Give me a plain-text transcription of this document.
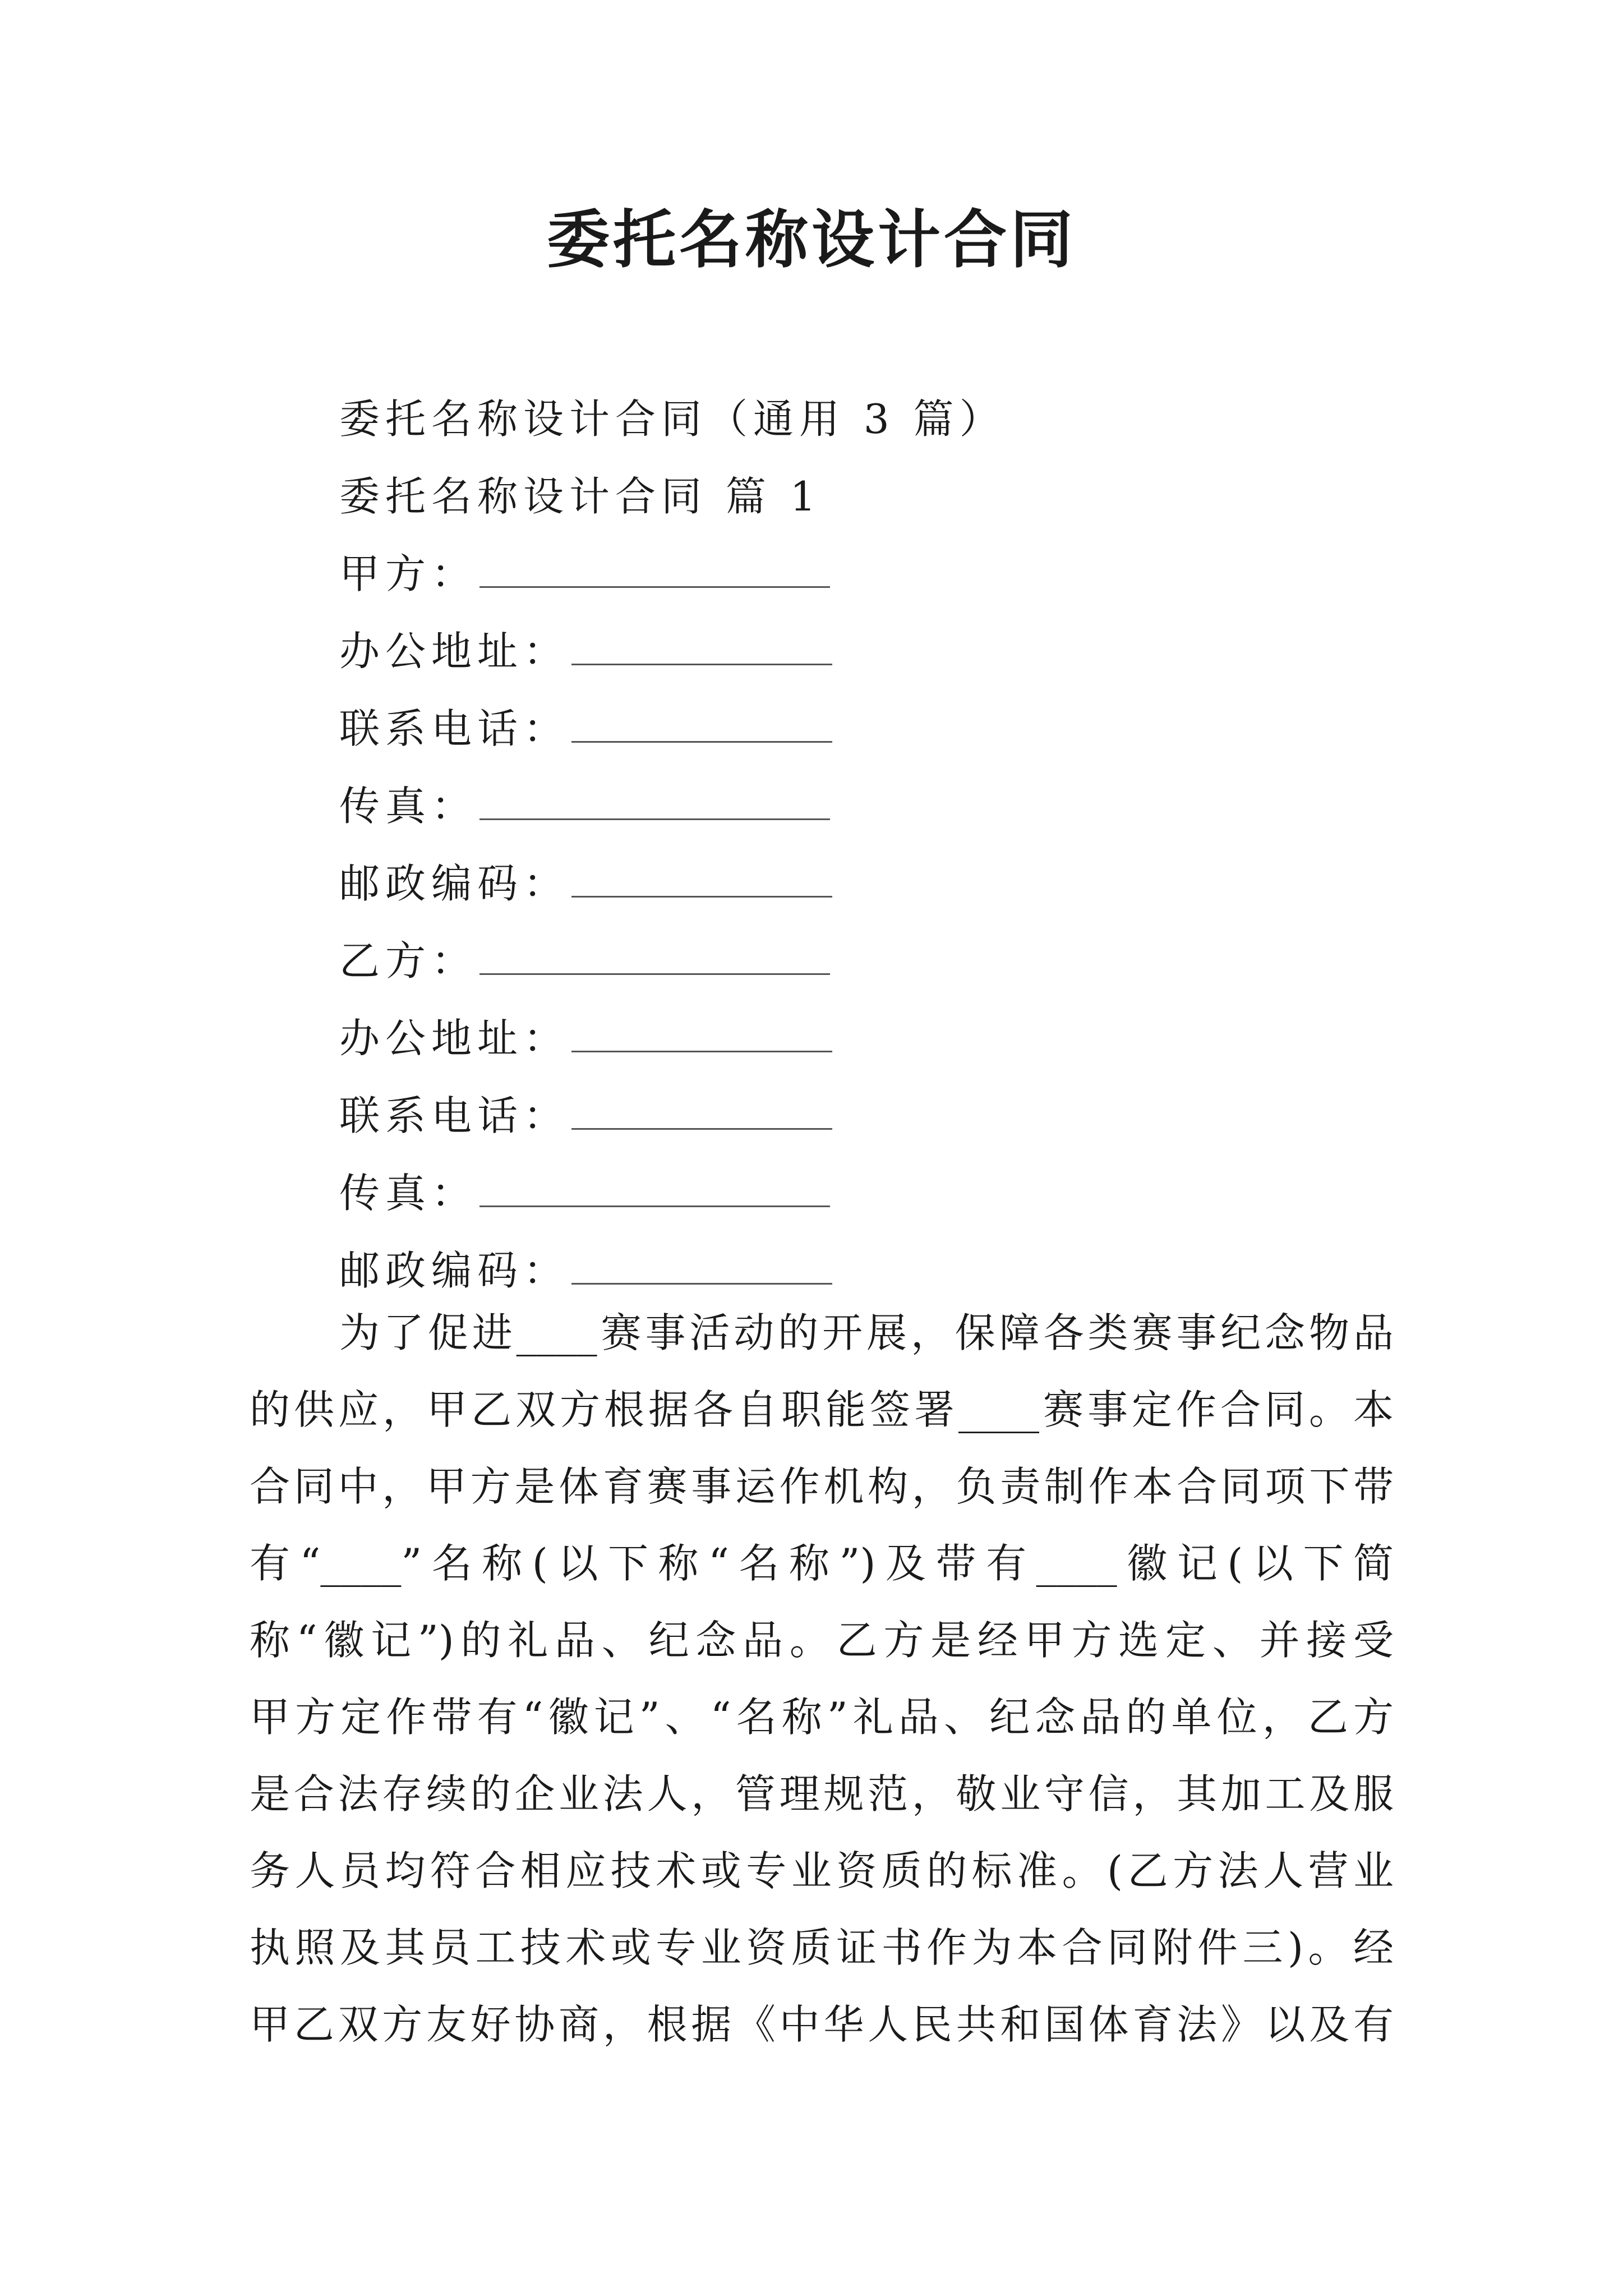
委托名称设计合同
委托名称设计合同（通用 3 篇）
委托名称设计合同 篇 1
甲方：
办公地址：
联系电话：
传真：
邮政编码：
乙方：
办公地址：
联系电话：
传真：
邮政编码：
为了促进____赛事活动的开展，保障各类赛事纪念物品
的供应，甲乙双方根据各自职能签署____赛事定作合同。本
合同中，甲方是体育赛事运作机构，负责制作本合同项下带
有“____”名称(以下称“名称”)及带有____徽记(以下简
称“徽记”)的礼品、纪念品。乙方是经甲方选定、并接受
甲方定作带有“徽记”、“名称”礼品、纪念品的单位，乙方
是合法存续的企业法人，管理规范，敬业守信，其加工及服
务人员均符合相应技术或专业资质的标准。(乙方法人营业
执照及其员工技术或专业资质证书作为本合同附件三)。经
甲乙双方友好协商，根据《中华人民共和国体育法》以及有
